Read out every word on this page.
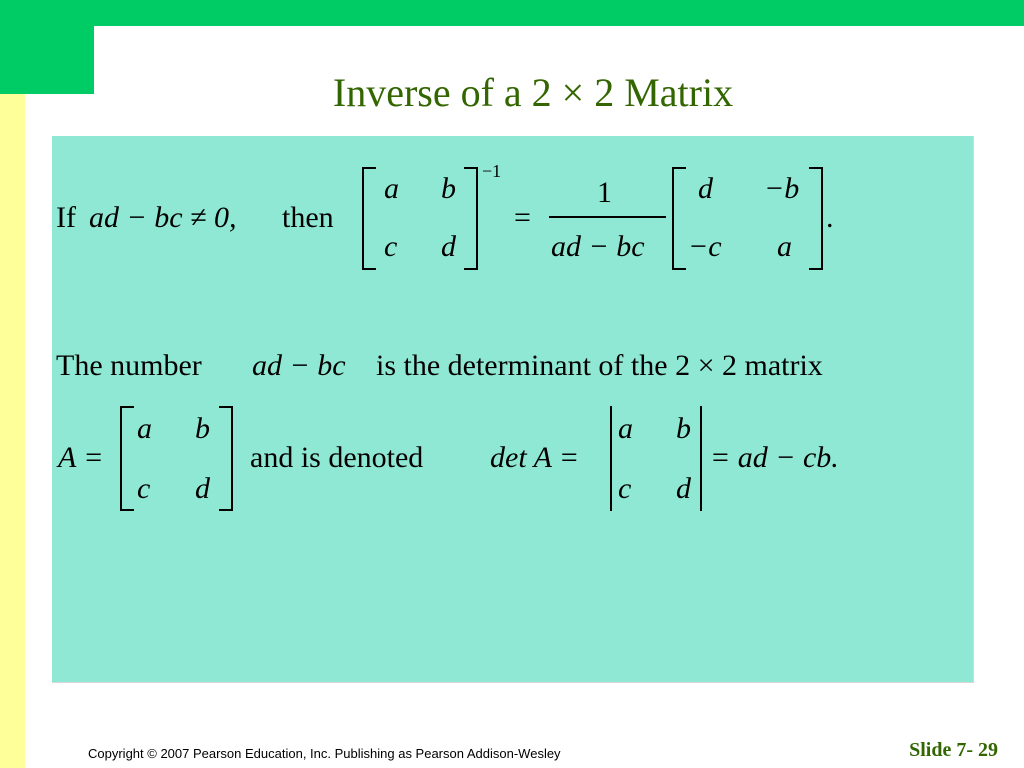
Inverse of a 2 × 2 Matrix
If ad − bc ≠ 0, then
a b
c d
−1
=
1
ad − bc
d −b
−c a
.
The number ad − bc is the determinant of the 2 × 2 matrix
A =
a b
c d
and is denoted det A =
a b
c d
= ad − cb.
Copyright © 2007 Pearson Education, Inc. Publishing as Pearson Addison-Wesley	Slide 7- 29
